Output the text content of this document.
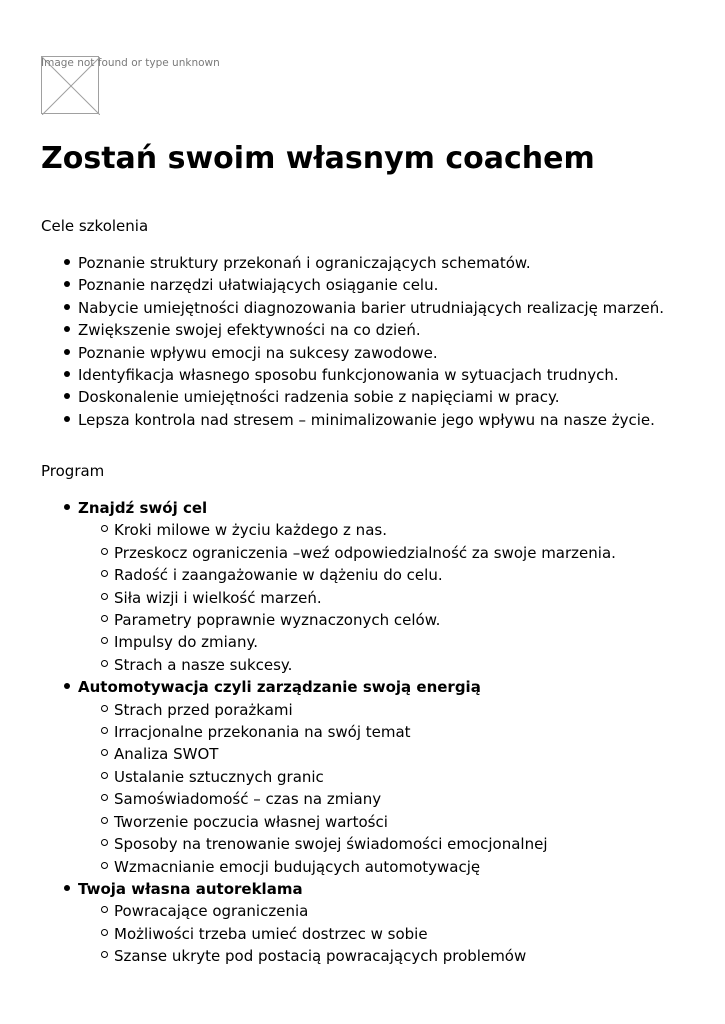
Image not found or type unknown
Zostań swoim własnym coachem

Cele szkolenia

Poznanie struktury przekonań i ograniczających schematów.
Poznanie narzędzi ułatwiających osiąganie celu.
Nabycie umiejętności diagnozowania barier utrudniających realizację marzeń.
Zwiększenie swojej efektywności na co dzień.
Poznanie wpływu emocji na sukcesy zawodowe.
Identyfikacja własnego sposobu funkcjonowania w sytuacjach trudnych.
Doskonalenie umiejętności radzenia sobie z napięciami w pracy.
Lepsza kontrola nad stresem – minimalizowanie jego wpływu na nasze życie.

Program

Znajdź swój cel
Kroki milowe w życiu każdego z nas.
Przeskocz ograniczenia –weź odpowiedzialność za swoje marzenia.
Radość i zaangażowanie w dążeniu do celu.
Siła wizji i wielkość marzeń.
Parametry poprawnie wyznaczonych celów.
Impulsy do zmiany.
Strach a nasze sukcesy.
Automotywacja czyli zarządzanie swoją energią
Strach przed porażkami
Irracjonalne przekonania na swój temat
Analiza SWOT
Ustalanie sztucznych granic
Samoświadomość – czas na zmiany
Tworzenie poczucia własnej wartości
Sposoby na trenowanie swojej świadomości emocjonalnej
Wzmacnianie emocji budujących automotywację
Twoja własna autoreklama
Powracające ograniczenia
Możliwości trzeba umieć dostrzec w sobie
Szanse ukryte pod postacią powracających problemów
